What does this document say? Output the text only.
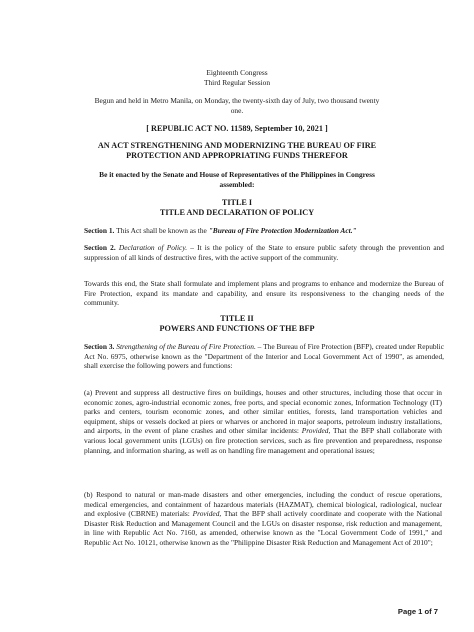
Eighteenth Congress

Third Regular Session

Begun and held in Metro Manila, on Monday, the twenty-sixth day of July, two thousand twenty

one.

[ REPUBLIC ACT NO. 11589, September 10, 2021 ]

AN ACT STRENGTHENING AND MODERNIZING THE BUREAU OF FIRE

PROTECTION AND APPROPRIATING FUNDS THEREFOR

Be it enacted by the Senate and House of Representatives of the Philippines in Congress

assembled:

TITLE I

TITLE AND DECLARATION OF POLICY

Section 1. This Act shall be known as the "Bureau of Fire Protection Modernization Act."

Section 2. Declaration of Policy. – It is the policy of the State to ensure public safety through the prevention and suppression of all kinds of destructive fires, with the active support of the community.

Towards this end, the State shall formulate and implement plans and programs to enhance and modernize the Bureau of Fire Protection, expand its mandate and capability, and ensure its responsiveness to the changing needs of the community.

TITLE II

POWERS AND FUNCTIONS OF THE BFP

Section 3. Strengthening of the Bureau of Fire Protection. – The Bureau of Fire Protection (BFP), created under Republic Act No. 6975, otherwise known as the "Department of the Interior and Local Government Act of 1990", as amended, shall exercise the following powers and functions:

(a) Prevent and suppress all destructive fires on buildings, houses and other structures, including those that occur in economic zones, agro-industrial economic zones, free ports, and special economic zones, Information Technology (IT) parks and centers, tourism economic zones, and other similar entities, forests, land transportation vehicles and equipment, ships or vessels docked at piers or wharves or anchored in major seaports, petroleum industry installations, and airports, in the event of plane crashes and other similar incidents: Provided, That the BFP shall collaborate with various local government units (LGUs) on fire protection services, such as fire prevention and preparedness, response planning, and information sharing, as well as on handling fire management and operational issues;

(b) Respond to natural or man-made disasters and other emergencies, including the conduct of rescue operations, medical emergencies, and containment of hazardous materials (HAZMAT), chemical biological, radiological, nuclear and explosive (CBRNE) materials: Provided, That the BFP shall actively coordinate and cooperate with the National Disaster Risk Reduction and Management Council and the LGUs on disaster response, risk reduction and management, in line with Republic Act No. 7160, as amended, otherwise known as the "Local Government Code of 1991," and Republic Act No. 10121, otherwise known as the "Philippine Disaster Risk Reduction and Management Act of 2010";

Page 1 of 7
